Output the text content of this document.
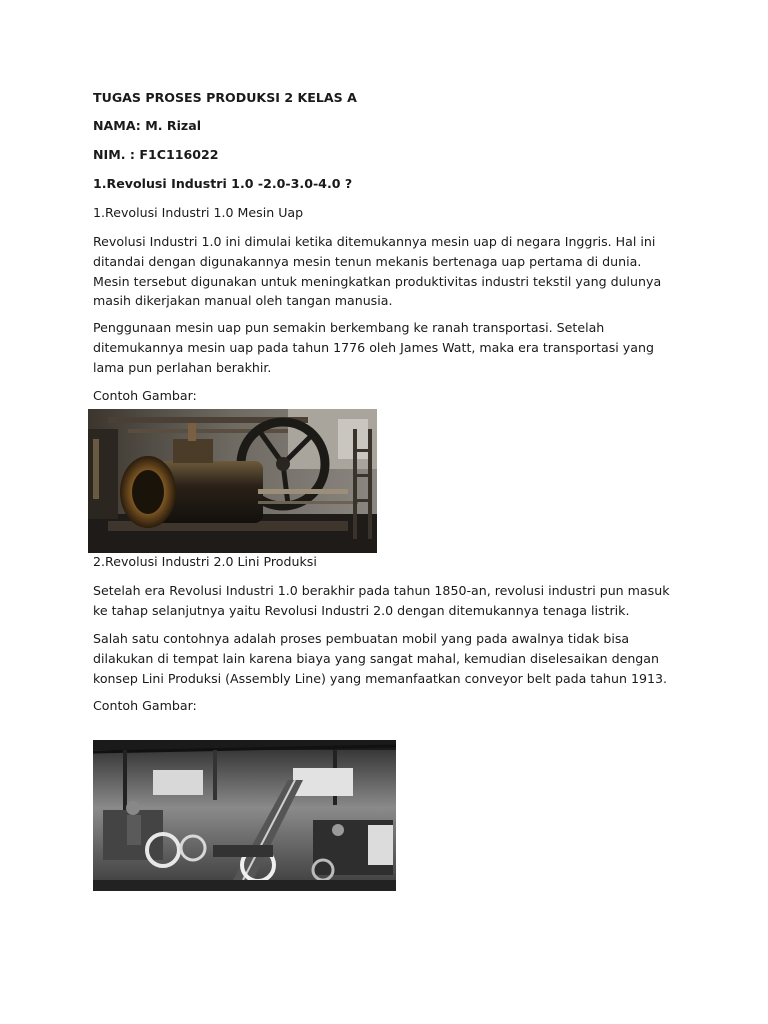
TUGAS PROSES PRODUKSI 2 KELAS A

NAMA: M. Rizal

NIM. : F1C116022

1.Revolusi Industri 1.0 -2.0-3.0-4.0 ?

1.Revolusi Industri 1.0 Mesin Uap

Revolusi Industri 1.0 ini dimulai ketika ditemukannya mesin uap di negara Inggris. Hal ini
ditandai dengan digunakannya mesin tenun mekanis bertenaga uap pertama di dunia.
Mesin tersebut digunakan untuk meningkatkan produktivitas industri tekstil yang dulunya
masih dikerjakan manual oleh tangan manusia.
Penggunaan mesin uap pun semakin berkembang ke ranah transportasi. Setelah
ditemukannya mesin uap pada tahun 1776 oleh James Watt, maka era transportasi yang
lama pun perlahan berakhir.

Contoh Gambar:

2.Revolusi Industri 2.0 Lini Produksi

Setelah era Revolusi Industri 1.0 berakhir pada tahun 1850-an, revolusi industri pun masuk
ke tahap selanjutnya yaitu Revolusi Industri 2.0 dengan ditemukannya tenaga listrik.
Salah satu contohnya adalah proses pembuatan mobil yang pada awalnya tidak bisa
dilakukan di tempat lain karena biaya yang sangat mahal, kemudian diselesaikan dengan
konsep Lini Produksi (Assembly Line) yang memanfaatkan conveyor belt pada tahun 1913.

Contoh Gambar:
